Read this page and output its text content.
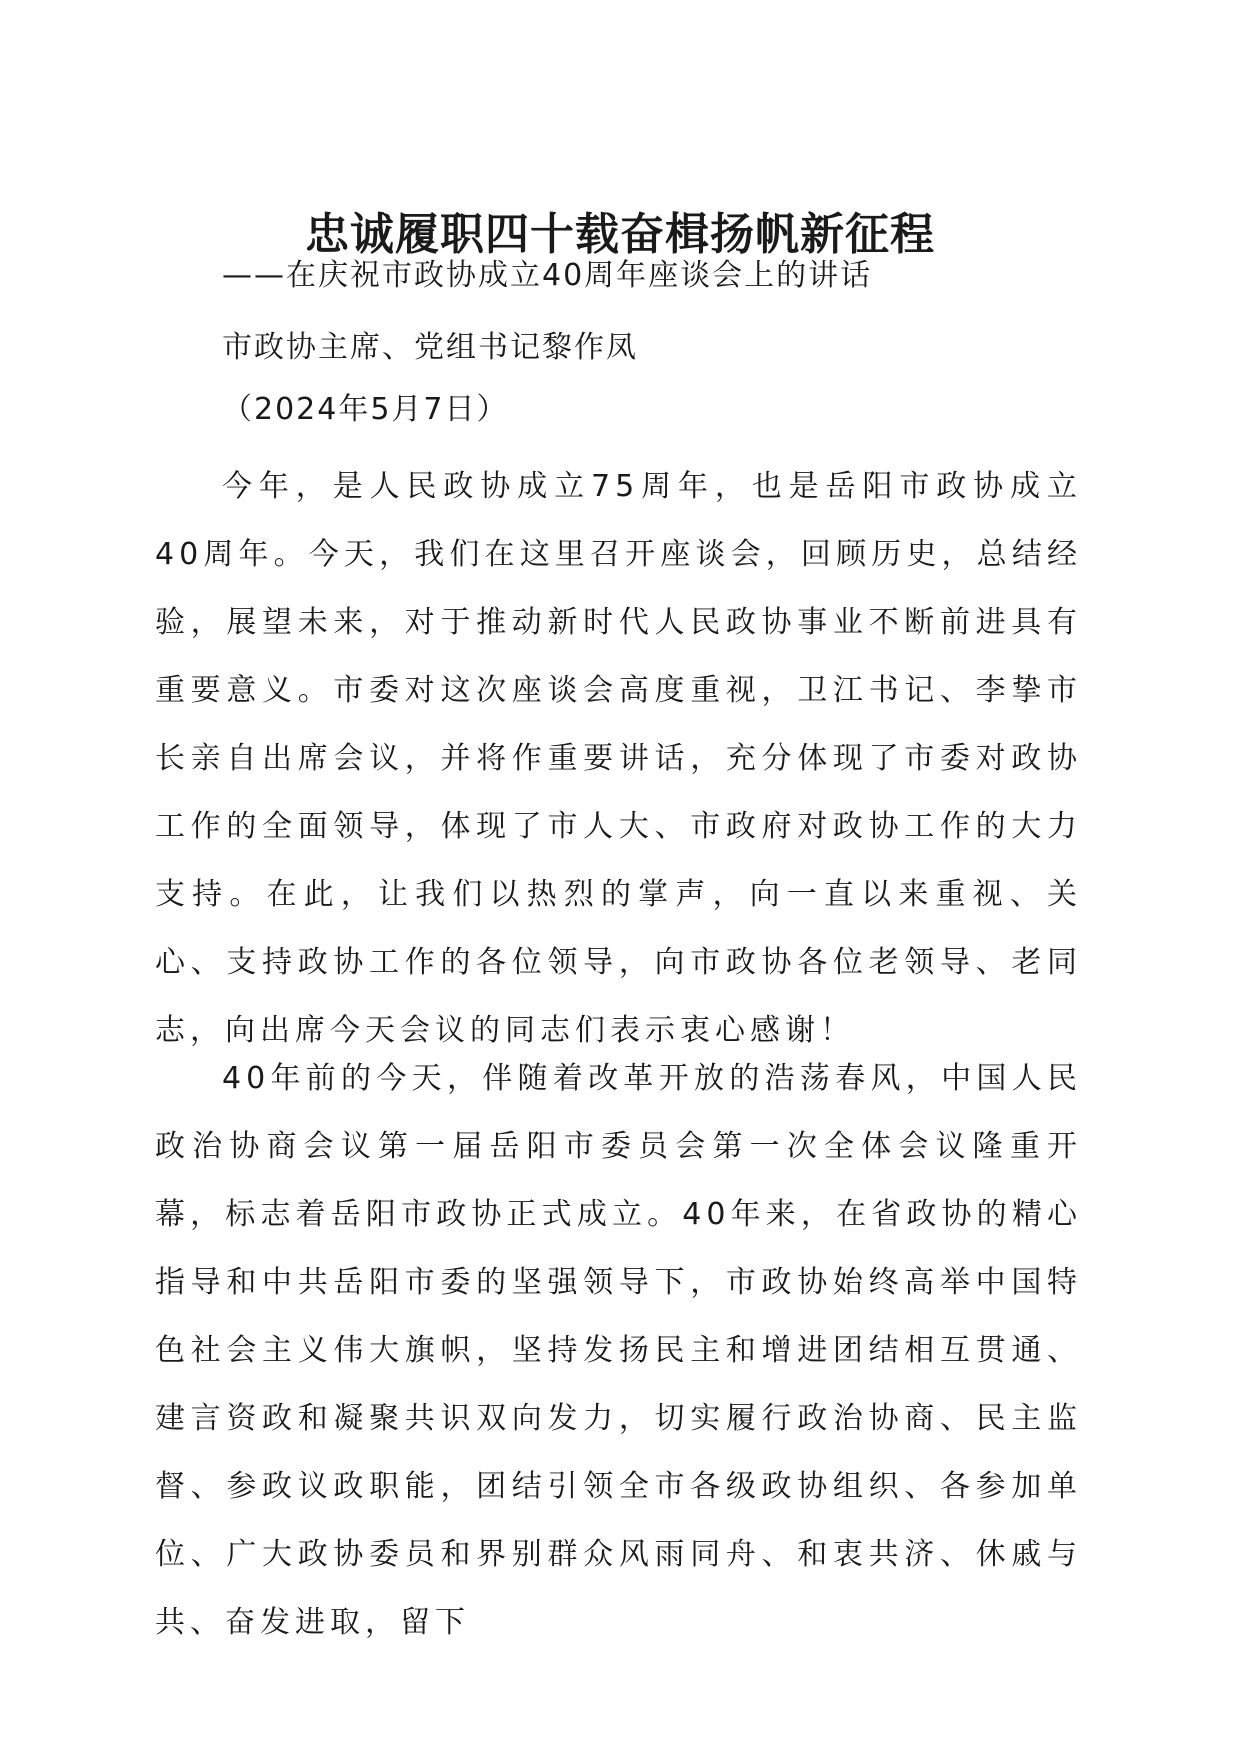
忠诚履职四十载奋楫扬帆新征程
——在庆祝市政协成立40周年座谈会上的讲话
市政协主席、党组书记黎作凤
（2024年5月7日）

今年，是人民政协成立75周年，也是岳阳市政协成立40周年。今天，我们在这里召开座谈会，回顾历史，总结经验，展望未来，对于推动新时代人民政协事业不断前进具有重要意义。市委对这次座谈会高度重视，卫江书记、李挚市长亲自出席会议，并将作重要讲话，充分体现了市委对政协工作的全面领导，体现了市人大、市政府对政协工作的大力支持。在此，让我们以热烈的掌声，向一直以来重视、关心、支持政协工作的各位领导，向市政协各位老领导、老同志，向出席今天会议的同志们表示衷心感谢！

40年前的今天，伴随着改革开放的浩荡春风，中国人民政治协商会议第一届岳阳市委员会第一次全体会议隆重开幕，标志着岳阳市政协正式成立。40年来，在省政协的精心指导和中共岳阳市委的坚强领导下，市政协始终高举中国特色社会主义伟大旗帜，坚持发扬民主和增进团结相互贯通、建言资政和凝聚共识双向发力，切实履行政治协商、民主监督、参政议政职能，团结引领全市各级政协组织、各参加单位、广大政协委员和界别群众风雨同舟、和衷共济、休戚与共、奋发进取，留下
